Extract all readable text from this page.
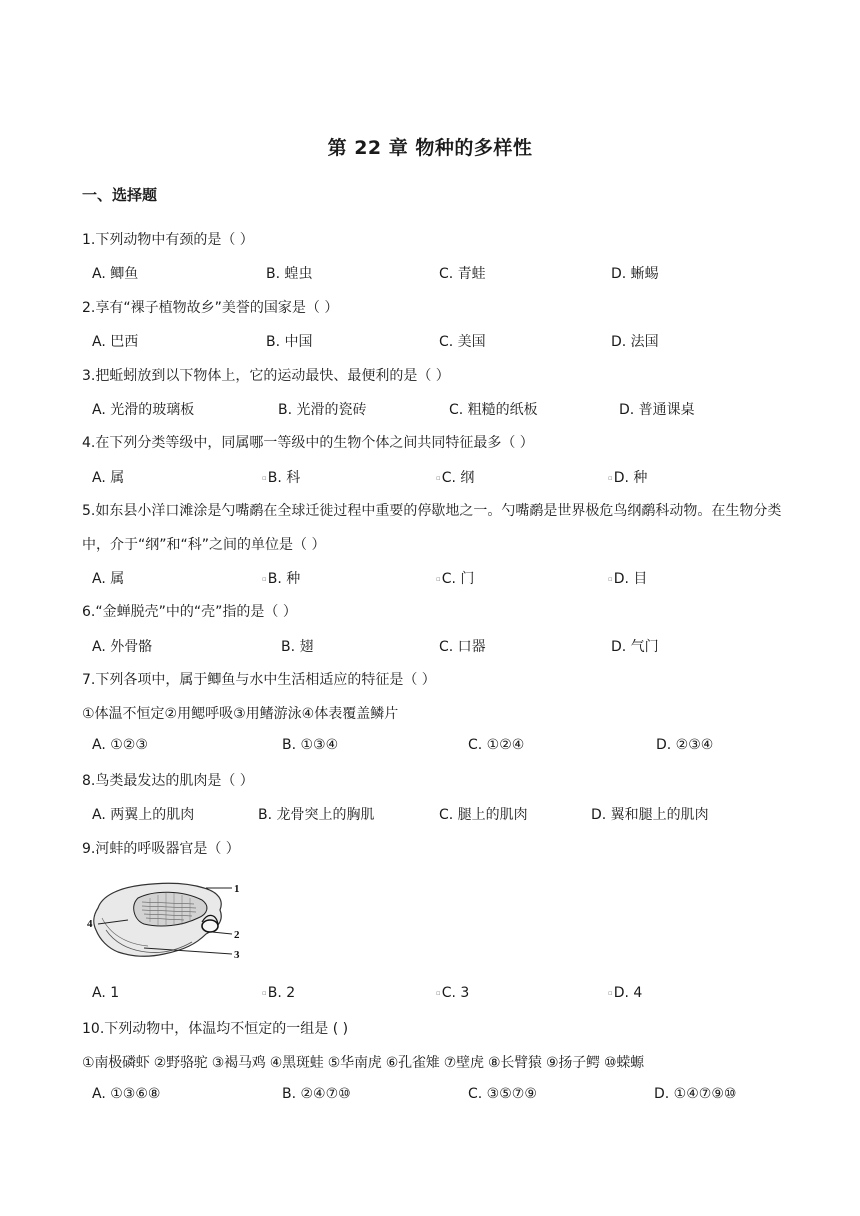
第 22 章 物种的多样性
一、选择题
1.下列动物中有颈的是（ ）
A. 鲫鱼	B. 蝗虫	C. 青蛙	D. 蜥蜴
2.享有“裸子植物故乡”美誉的国家是（ ）
A. 巴西	B. 中国	C. 美国	D. 法国
3.把蚯蚓放到以下物体上，它的运动最快、最便利的是（ ）
A. 光滑的玻璃板	B. 光滑的瓷砖	C. 粗糙的纸板	D. 普通课桌
4.在下列分类等级中，同属哪一等级中的生物个体之间共同特征最多（ ）
A. 属	▫B. 科	▫C. 纲	▫D. 种
5.如东县小洋口滩涂是勺嘴鹬在全球迁徙过程中重要的停歇地之一。勺嘴鹬是世界极危鸟纲鹬科动物。在生物分类中，介于“纲”和“科”之间的单位是（ ）
A. 属	▫B. 种	▫C. 门	▫D. 目
6.“金蝉脱壳”中的“壳”指的是（ ）
A. 外骨骼	B. 翅	C. 口器	D. 气门
7.下列各项中，属于鲫鱼与水中生活相适应的特征是（ ）
①体温不恒定②用鳃呼吸③用鳍游泳④体表覆盖鳞片
A. ①②③	B. ①③④	C. ①②④	D. ②③④
8.鸟类最发达的肌肉是（ ）
A. 两翼上的肌肉	B. 龙骨突上的胸肌	C. 腿上的肌肉	D. 翼和腿上的肌肉
9.河蚌的呼吸器官是（ ）
1
2
3
4
A. 1	▫B. 2	▫C. 3	▫D. 4
10.下列动物中，体温均不恒定的一组是 ( )
①南极磷虾 ②野骆驼 ③褐马鸡 ④黑斑蛙 ⑤华南虎 ⑥孔雀雉 ⑦壁虎 ⑧长臂猿 ⑨扬子鳄 ⑩蝾螈
A. ①③⑥⑧	B. ②④⑦⑩	C. ③⑤⑦⑨	D. ①④⑦⑨⑩
